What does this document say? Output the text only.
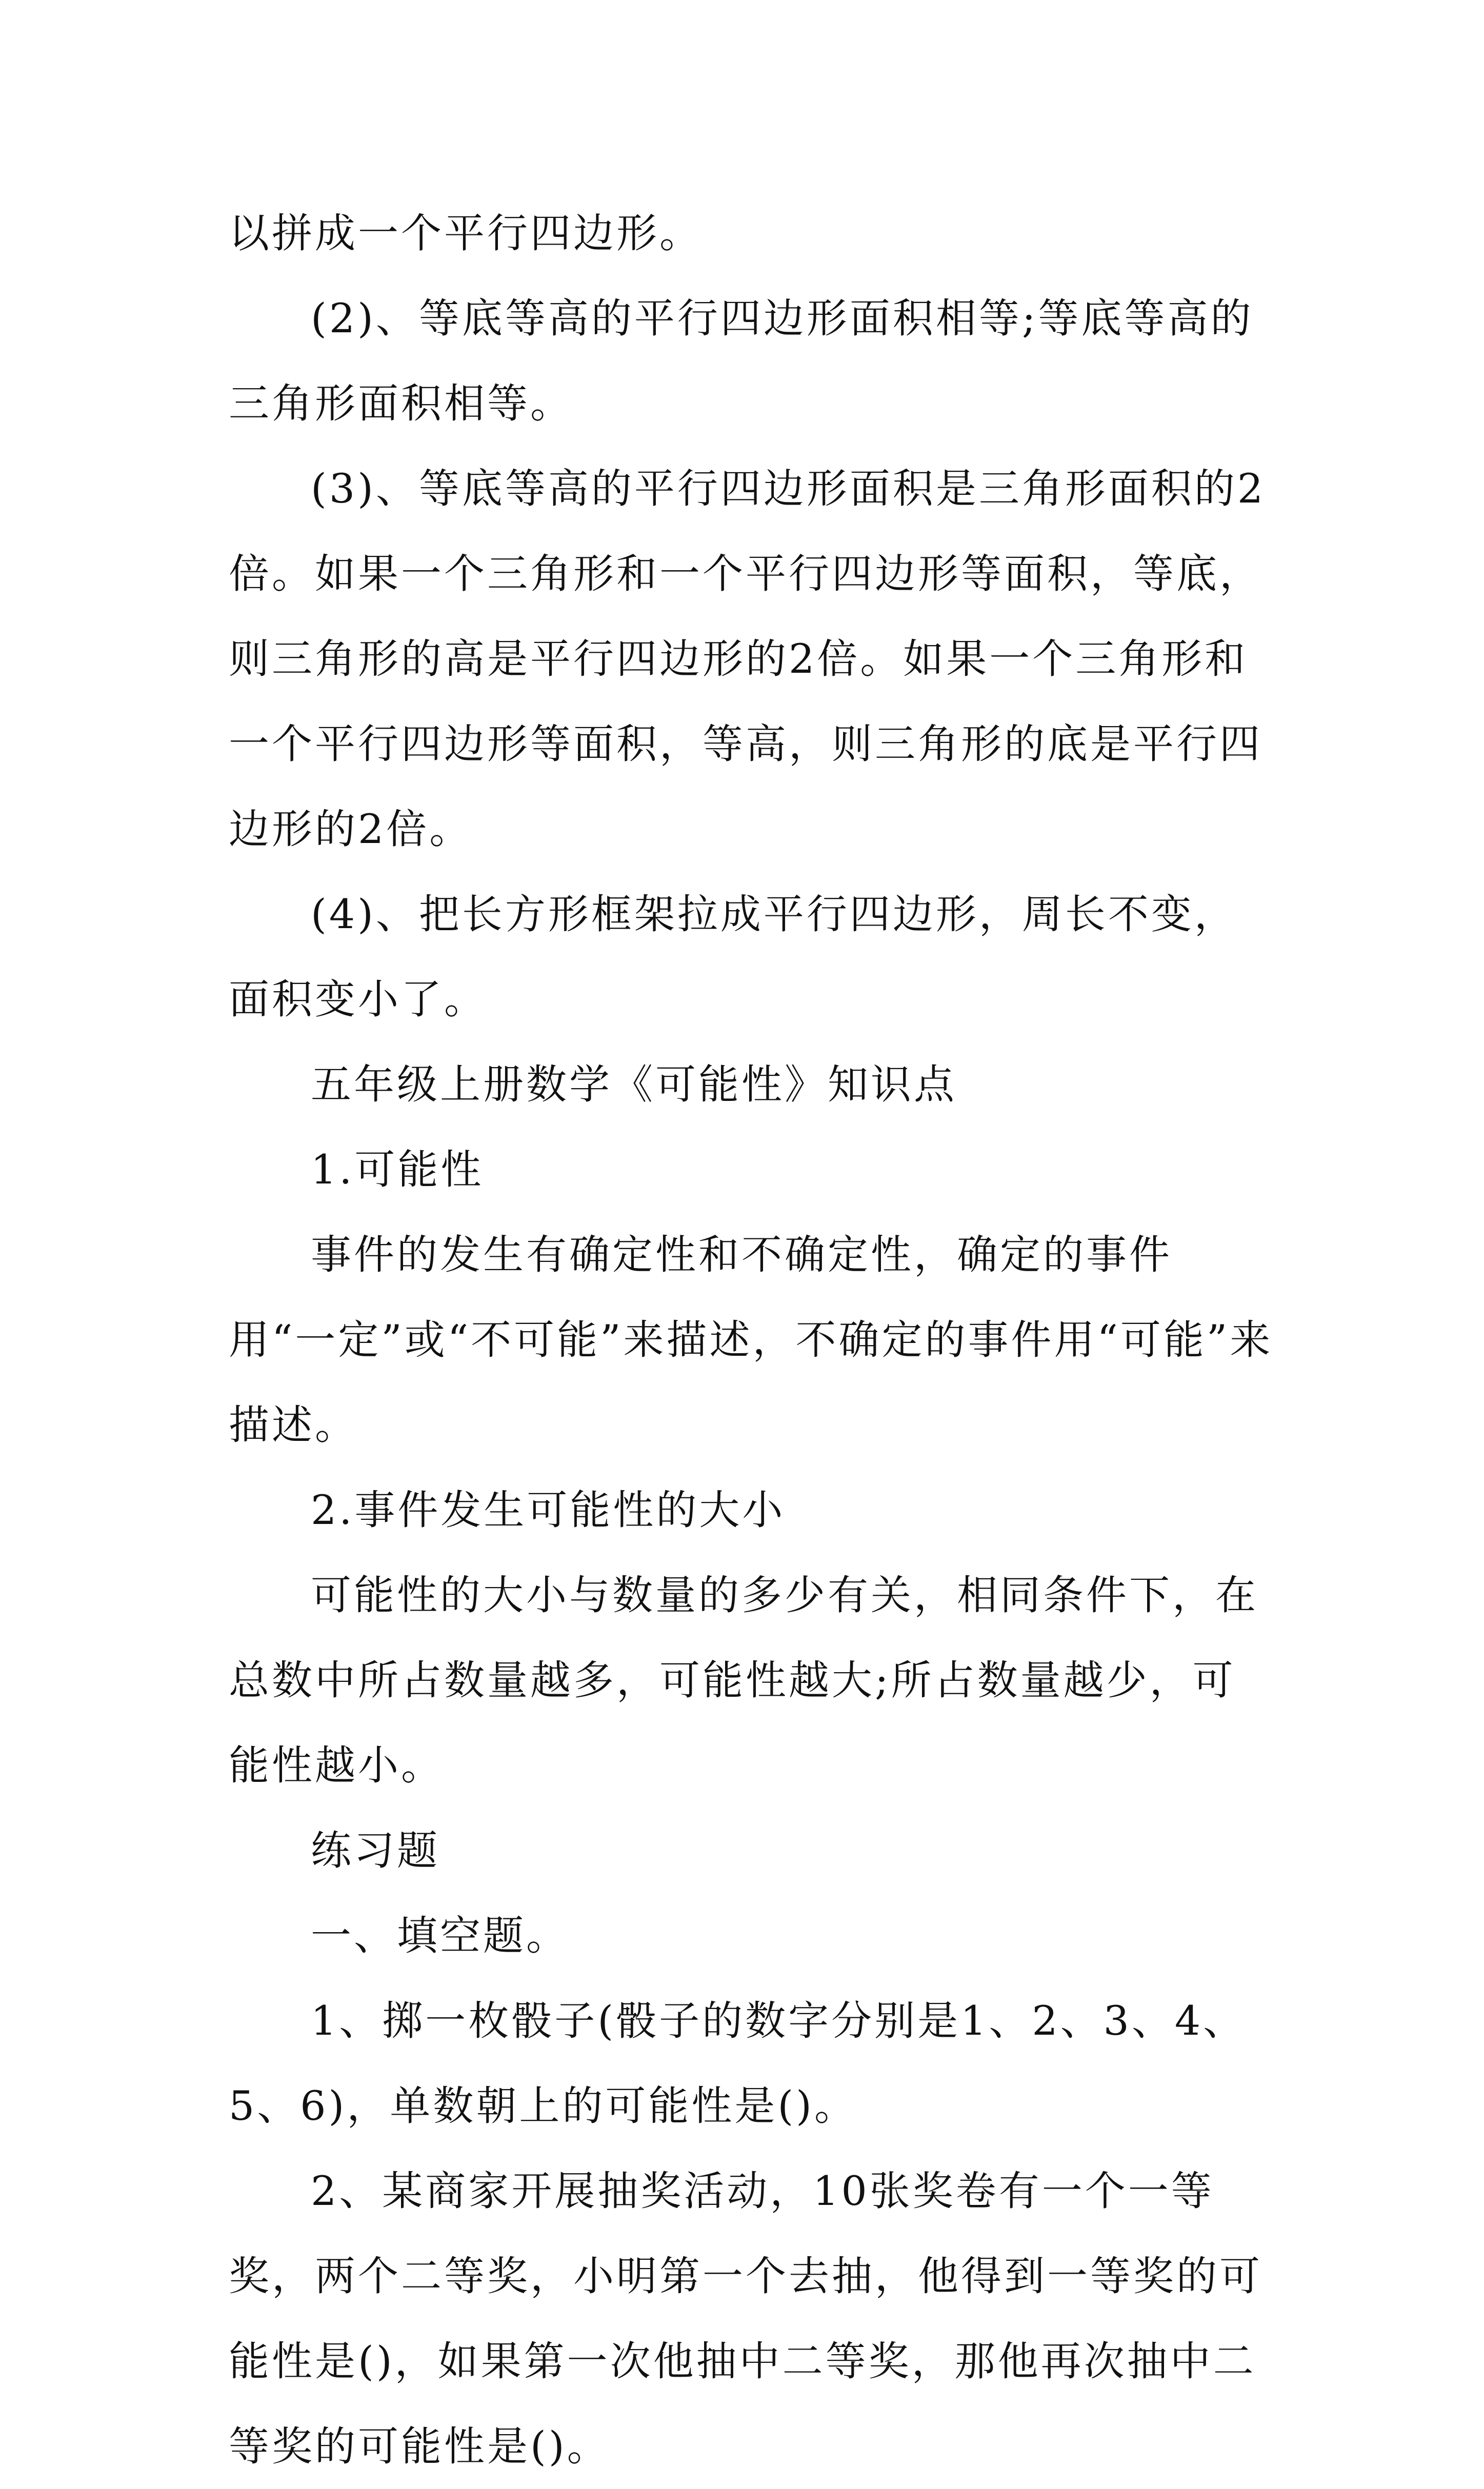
以拼成一个平行四边形。

(2)、等底等高的平行四边形面积相等;等底等高的三角形面积相等。

(3)、等底等高的平行四边形面积是三角形面积的2倍。如果一个三角形和一个平行四边形等面积，等底，则三角形的高是平行四边形的2倍。如果一个三角形和一个平行四边形等面积，等高，则三角形的底是平行四边形的2倍。

(4)、把长方形框架拉成平行四边形，周长不变，面积变小了。

五年级上册数学《可能性》知识点

1.可能性

事件的发生有确定性和不确定性，确定的事件用“一定”或“不可能”来描述，不确定的事件用“可能”来描述。

2.事件发生可能性的大小

可能性的大小与数量的多少有关，相同条件下，在总数中所占数量越多，可能性越大;所占数量越少，可能性越小。

练习题

一、填空题。

1、掷一枚骰子(骰子的数字分别是1、2、3、4、5、6)，单数朝上的可能性是()。

2、某商家开展抽奖活动，10张奖卷有一个一等奖，两个二等奖，小明第一个去抽，他得到一等奖的可能性是()，如果第一次他抽中二等奖，那他再次抽中二等奖的可能性是()。
